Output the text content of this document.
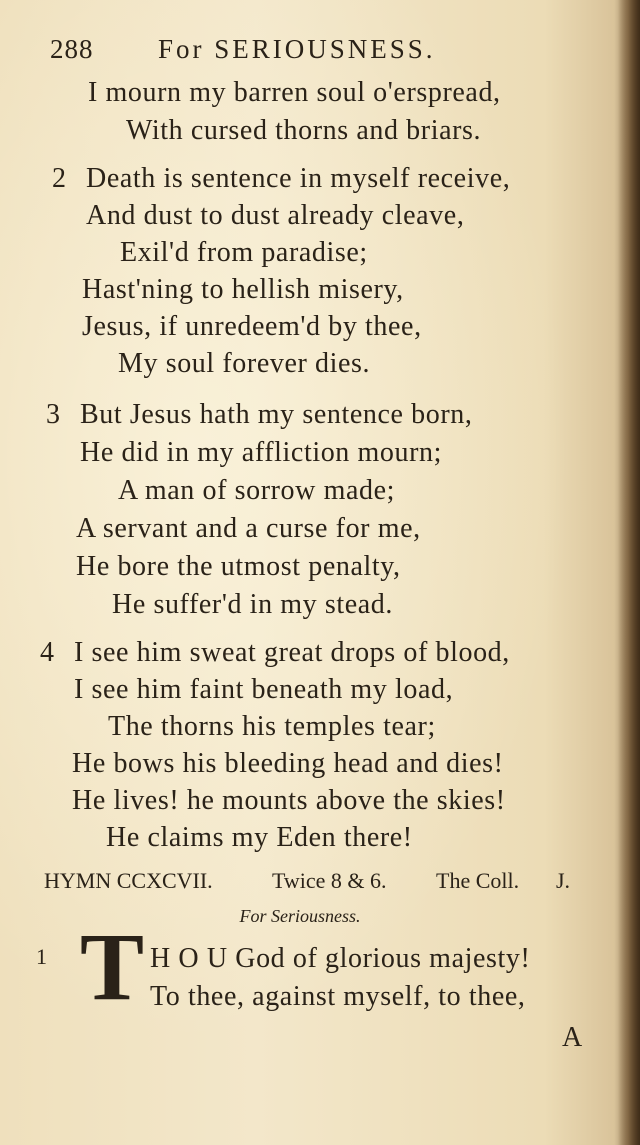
288 For SERIOUSNESS.
I mourn my barren soul o'erspread,
With cursed thorns and briars.
2 Death is sentence in myself receive,
And dust to dust already cleave,
Exil'd from paradise;
Hast'ning to hellish misery,
Jesus, if unredeem'd by thee,
My soul forever dies.
3 But Jesus hath my sentence born,
He did in my affliction mourn;
A man of sorrow made;
A servant and a curse for me,
He bore the utmost penalty,
He suffer'd in my stead.
4 I see him sweat great drops of blood,
I see him faint beneath my load,
The thorns his temples tear;
He bows his bleeding head and dies!
He lives! he mounts above the skies!
He claims my Eden there!
HYMN CCXCVII.	Twice 8 & 6. The Coll. J.
For Seriousness.
1 T H O U God of glorious majesty!
To thee, against myself, to thee,
A
